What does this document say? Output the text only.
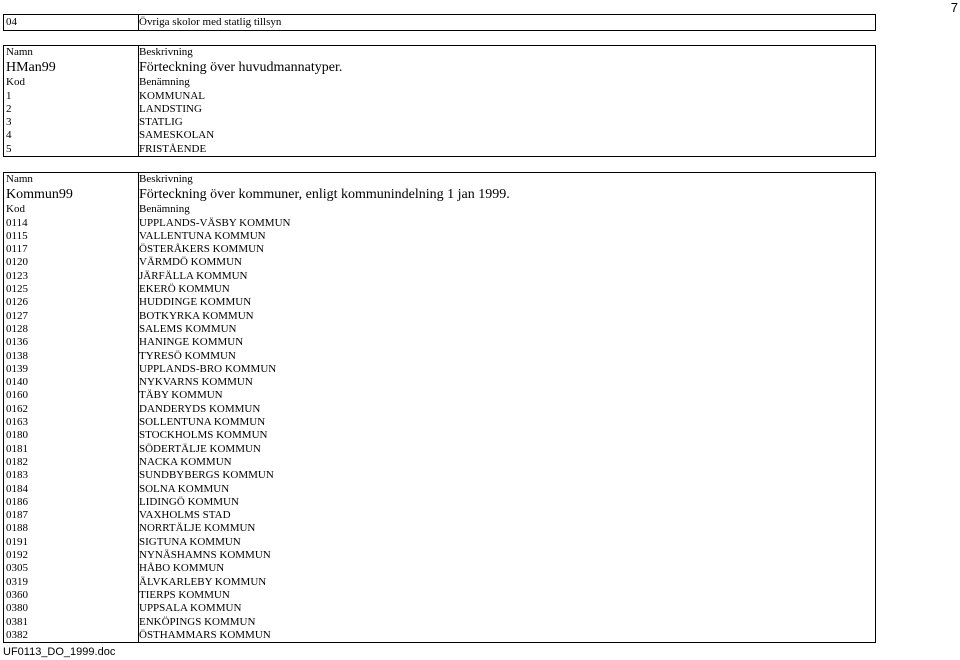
7
04	Övriga skolor med statlig tillsyn
Namn	Beskrivning
HMan99	Förteckning över huvudmannatyper.
Kod	Benämning
1	KOMMUNAL
2	LANDSTING
3	STATLIG
4	SAMESKOLAN
5	FRISTÅENDE
Namn	Beskrivning
Kommun99	Förteckning över kommuner, enligt kommunindelning 1 jan 1999.
Kod	Benämning
0114	UPPLANDS-VÄSBY KOMMUN
0115	VALLENTUNA KOMMUN
0117	ÖSTERÅKERS KOMMUN
0120	VÄRMDÖ KOMMUN
0123	JÄRFÄLLA KOMMUN
0125	EKERÖ KOMMUN
0126	HUDDINGE KOMMUN
0127	BOTKYRKA KOMMUN
0128	SALEMS KOMMUN
0136	HANINGE KOMMUN
0138	TYRESÖ KOMMUN
0139	UPPLANDS-BRO KOMMUN
0140	NYKVARNS KOMMUN
0160	TÄBY KOMMUN
0162	DANDERYDS KOMMUN
0163	SOLLENTUNA KOMMUN
0180	STOCKHOLMS KOMMUN
0181	SÖDERTÄLJE KOMMUN
0182	NACKA KOMMUN
0183	SUNDBYBERGS KOMMUN
0184	SOLNA KOMMUN
0186	LIDINGÖ KOMMUN
0187	VAXHOLMS STAD
0188	NORRTÄLJE KOMMUN
0191	SIGTUNA KOMMUN
0192	NYNÄSHAMNS KOMMUN
0305	HÅBO KOMMUN
0319	ÄLVKARLEBY KOMMUN
0360	TIERPS KOMMUN
0380	UPPSALA KOMMUN
0381	ENKÖPINGS KOMMUN
0382	ÖSTHAMMARS KOMMUN
UF0113_DO_1999.doc
